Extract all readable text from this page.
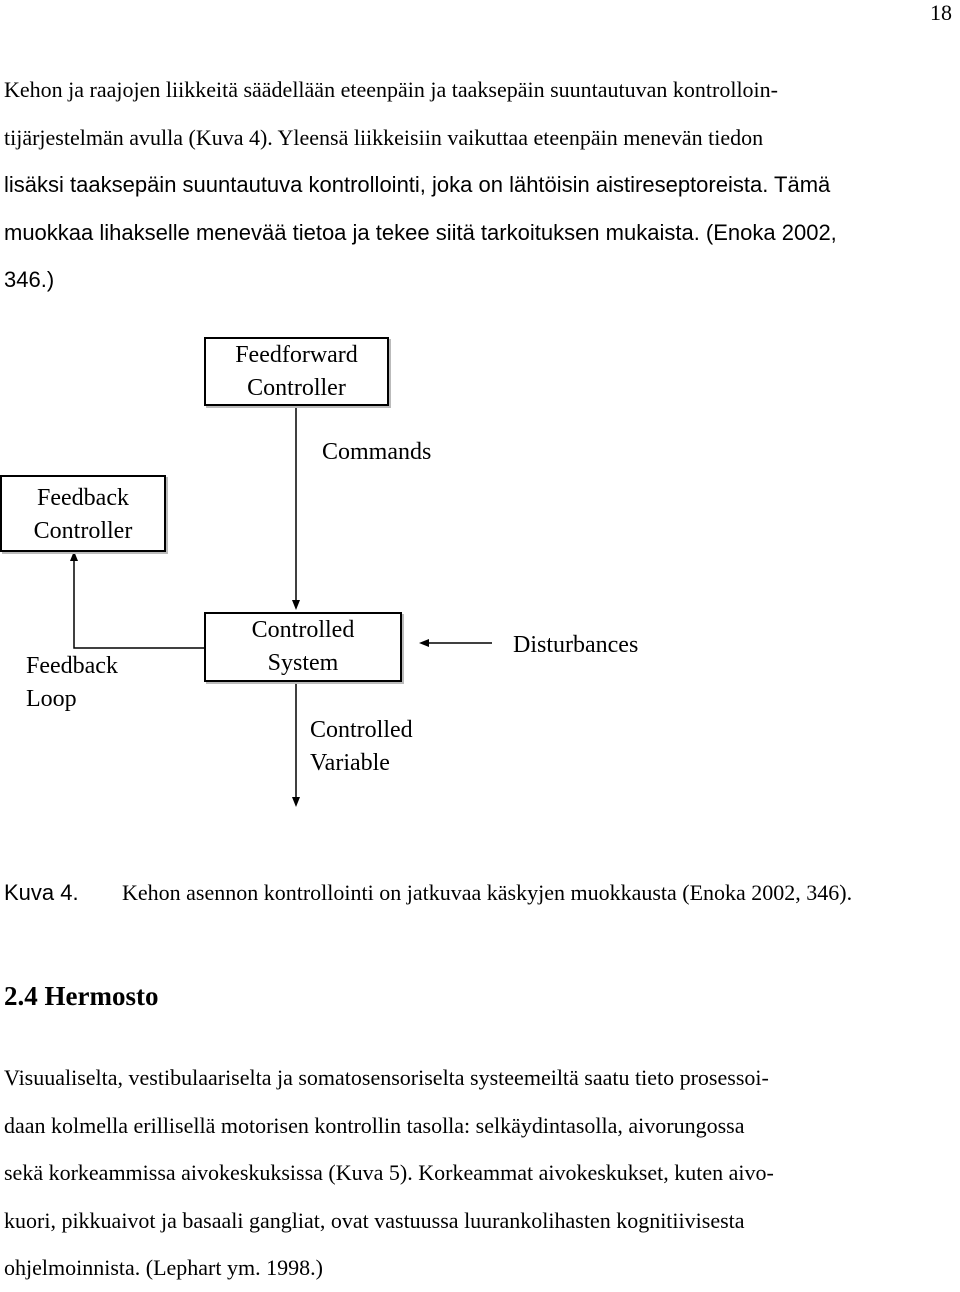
18
Kehon ja raajojen liikkeitä säädellään eteenpäin ja taaksepäin suuntautuvan kontrolloin-
tijärjestelmän avulla (Kuva 4). Yleensä liikkeisiin vaikuttaa eteenpäin menevän tiedon
lisäksi taaksepäin suuntautuva kontrollointi, joka on lähtöisin aistireseptoreista. Tämä
muokkaa lihakselle menevää tietoa ja tekee siitä tarkoituksen mukaista. (Enoka 2002,
346.)
Feedforward
Controller
Commands
Feedback
Controller
Controlled
System
Disturbances
Feedback
Loop
Controlled
Variable
Kuva 4. Kehon asennon kontrollointi on jatkuvaa käskyjen muokkausta (Enoka 2002, 346).
2.4 Hermosto
Visuualiselta, vestibulaariselta ja somatosensoriselta systeemeiltä saatu tieto prosessoi-
daan kolmella erillisellä motorisen kontrollin tasolla: selkäydintasolla, aivorungossa
sekä korkeammissa aivokeskuksissa (Kuva 5). Korkeammat aivokeskukset, kuten aivo-
kuori, pikkuaivot ja basaali gangliat, ovat vastuussa luurankolihasten kognitiivisesta
ohjelmoinnista. (Lephart ym. 1998.)
